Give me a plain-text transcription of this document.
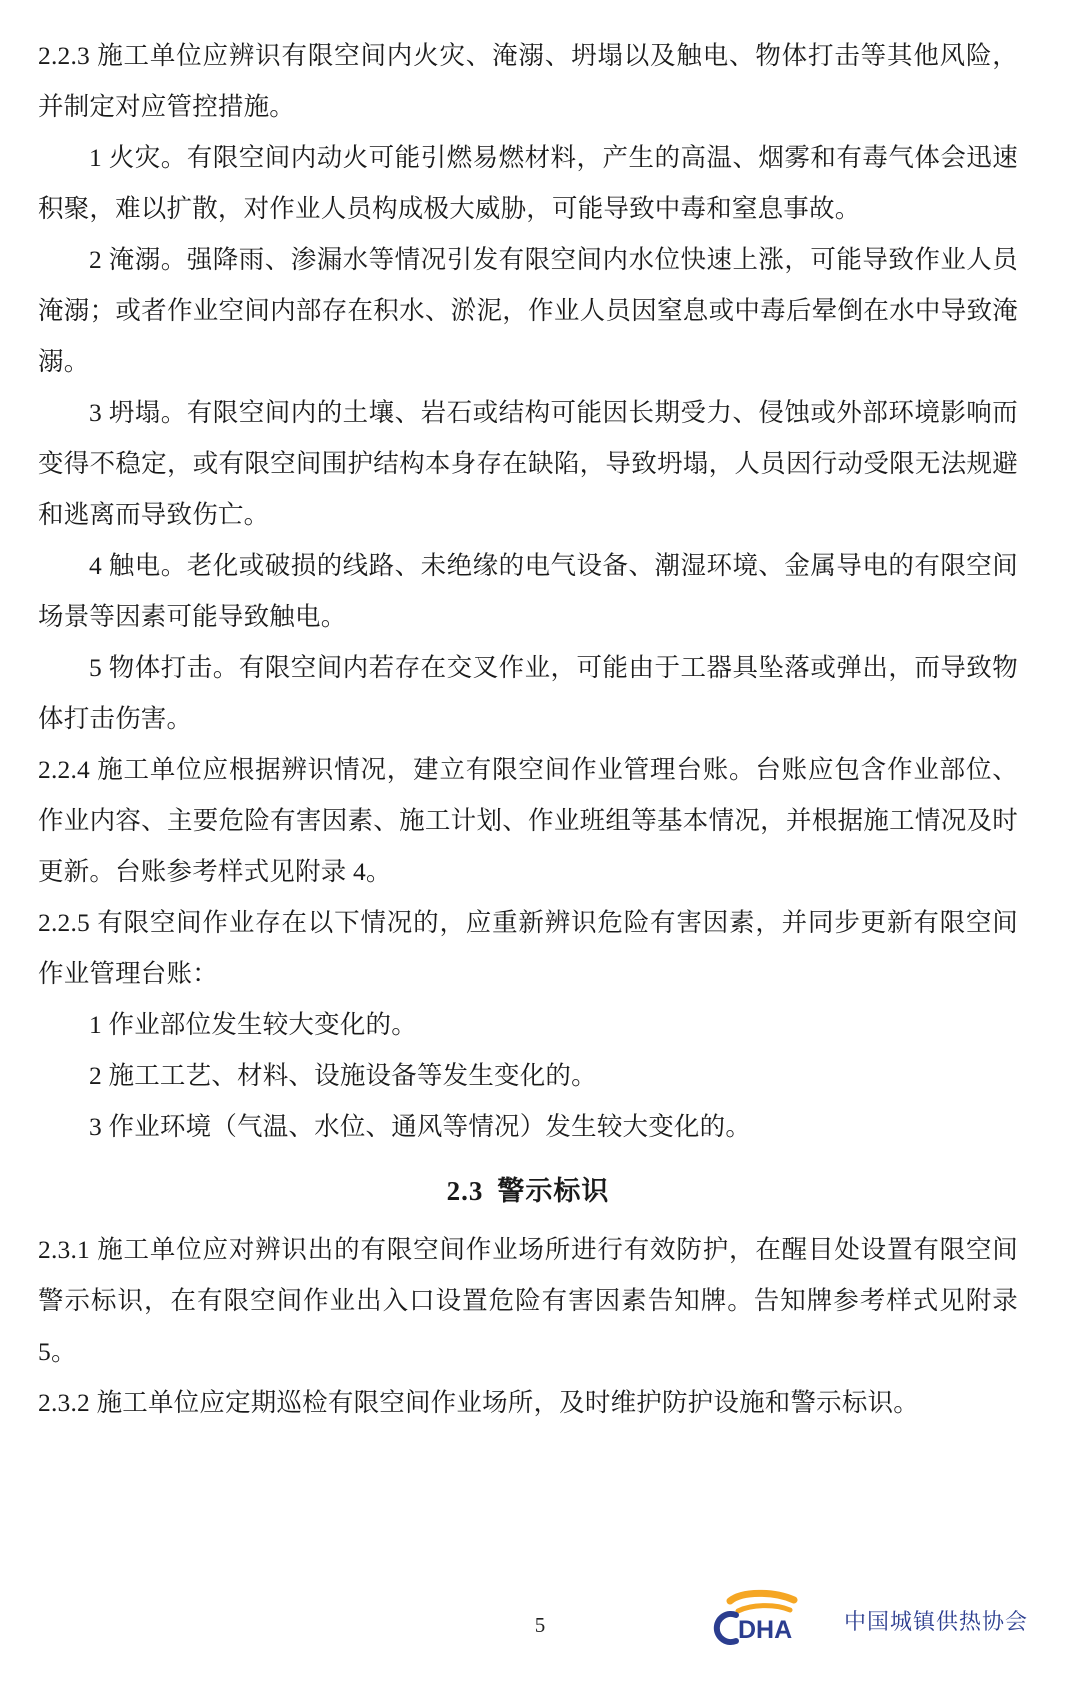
2.2.3 施工单位应辨识有限空间内火灾、淹溺、坍塌以及触电、物体打击等其他风险，并制定对应管控措施。

1 火灾。有限空间内动火可能引燃易燃材料，产生的高温、烟雾和有毒气体会迅速积聚，难以扩散，对作业人员构成极大威胁，可能导致中毒和窒息事故。

2 淹溺。强降雨、渗漏水等情况引发有限空间内水位快速上涨，可能导致作业人员淹溺；或者作业空间内部存在积水、淤泥，作业人员因窒息或中毒后晕倒在水中导致淹溺。

3 坍塌。有限空间内的土壤、岩石或结构可能因长期受力、侵蚀或外部环境影响而变得不稳定，或有限空间围护结构本身存在缺陷，导致坍塌，人员因行动受限无法规避和逃离而导致伤亡。

4 触电。老化或破损的线路、未绝缘的电气设备、潮湿环境、金属导电的有限空间场景等因素可能导致触电。

5 物体打击。有限空间内若存在交叉作业，可能由于工器具坠落或弹出，而导致物体打击伤害。

2.2.4 施工单位应根据辨识情况，建立有限空间作业管理台账。台账应包含作业部位、作业内容、主要危险有害因素、施工计划、作业班组等基本情况，并根据施工情况及时更新。台账参考样式见附录 4。

2.2.5 有限空间作业存在以下情况的，应重新辨识危险有害因素，并同步更新有限空间作业管理台账：

1 作业部位发生较大变化的。

2 施工工艺、材料、设施设备等发生变化的。

3 作业环境（气温、水位、通风等情况）发生较大变化的。

2.3 警示标识

2.3.1 施工单位应对辨识出的有限空间作业场所进行有效防护，在醒目处设置有限空间警示标识，在有限空间作业出入口设置危险有害因素告知牌。告知牌参考样式见附录 5。

2.3.2 施工单位应定期巡检有限空间作业场所，及时维护防护设施和警示标识。

5	DHA 中国城镇供热协会
